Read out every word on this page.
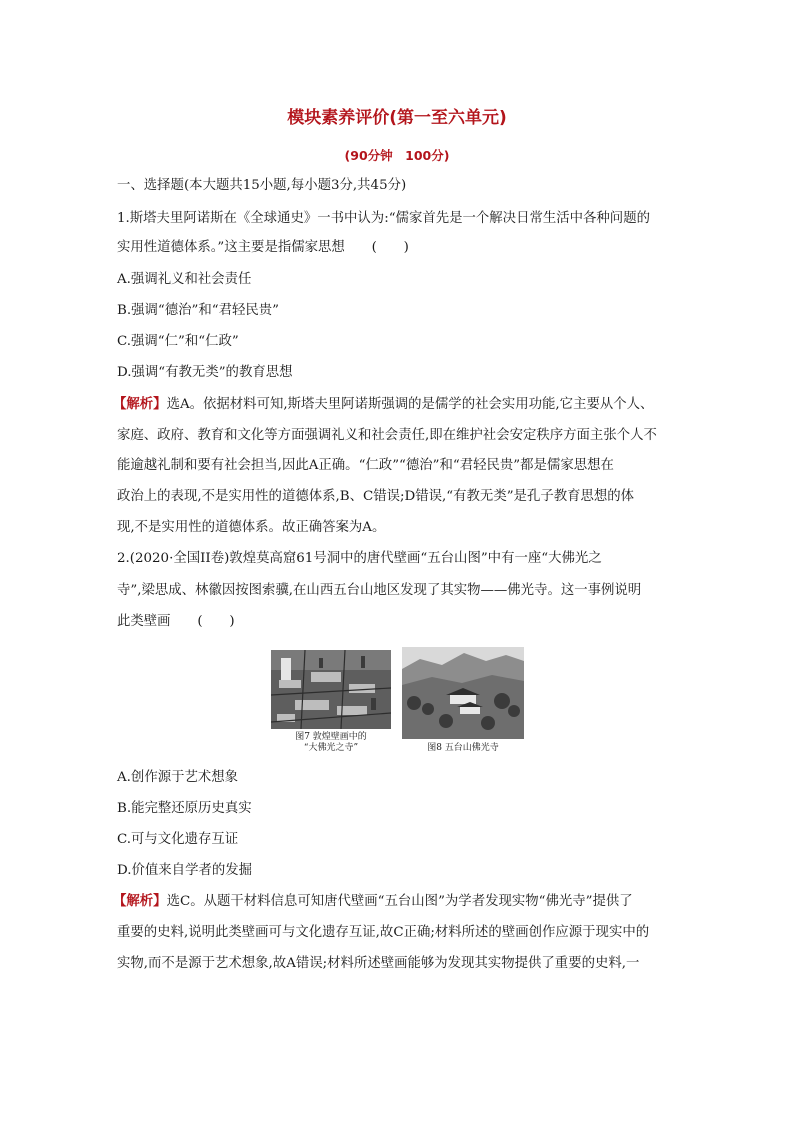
模块素养评价(第一至六单元)
(90分钟　100分)
一、选择题(本大题共15小题,每小题3分,共45分)
1.斯塔夫里阿诺斯在《全球通史》一书中认为:“儒家首先是一个解决日常生活中各种问题的
实用性道德体系。”这主要是指儒家思想　　(　　)
A.强调礼义和社会责任
B.强调“德治”和“君轻民贵”
C.强调“仁”和“仁政”
D.强调“有教无类”的教育思想
【解析】选A。依据材料可知,斯塔夫里阿诺斯强调的是儒学的社会实用功能,它主要从个人、
家庭、政府、教育和文化等方面强调礼义和社会责任,即在维护社会安定秩序方面主张个人不
能逾越礼制和要有社会担当,因此A正确。“仁政”“德治”和“君轻民贵”都是儒家思想在
政治上的表现,不是实用性的道德体系,B、C错误;D错误,“有教无类”是孔子教育思想的体
现,不是实用性的道德体系。故正确答案为A。
2.(2020·全国II卷)敦煌莫高窟61号洞中的唐代壁画“五台山图”中有一座“大佛光之
寺”,梁思成、林徽因按图索骥,在山西五台山地区发现了其实物——佛光寺。这一事例说明
此类壁画　　(　　)
图7 敦煌壁画中的
“大佛光之寺”	图8 五台山佛光寺
A.创作源于艺术想象
B.能完整还原历史真实
C.可与文化遗存互证
D.价值来自学者的发掘
【解析】选C。从题干材料信息可知唐代壁画“五台山图”为学者发现实物“佛光寺”提供了
重要的史料,说明此类壁画可与文化遗存互证,故C正确;材料所述的壁画创作应源于现实中的
实物,而不是源于艺术想象,故A错误;材料所述壁画能够为发现其实物提供了重要的史料,一
